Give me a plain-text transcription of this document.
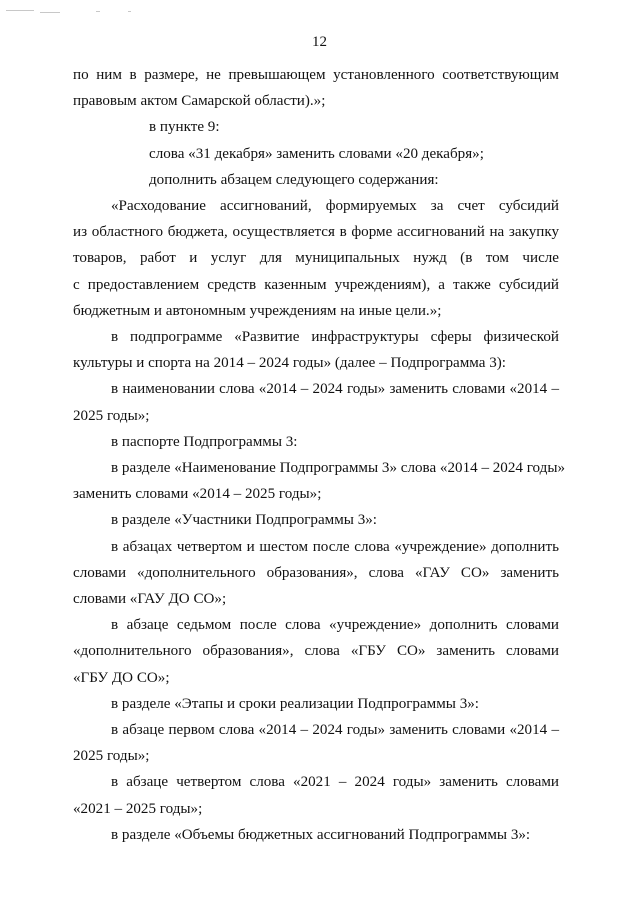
12

по ним в размере, не превышающем установленного соответствующим
правовым актом Самарской области).»;

в пункте 9:

слова «31 декабря» заменить словами «20 декабря»;

дополнить абзацем следующего содержания:

«Расходование ассигнований, формируемых за счет субсидий
из областного бюджета, осуществляется в форме ассигнований на закупку
товаров, работ и услуг для муниципальных нужд (в том числе
с предоставлением средств казенным учреждениям), а также субсидий
бюджетным и автономным учреждениям на иные цели.»;

в подпрограмме «Развитие инфраструктуры сферы физической
культуры и спорта на 2014 – 2024 годы» (далее – Подпрограмма 3):

в наименовании слова «2014 – 2024 годы» заменить словами «2014 –
2025 годы»;

в паспорте Подпрограммы 3:

в разделе «Наименование Подпрограммы 3» слова «2014 – 2024 годы»
заменить словами «2014 – 2025 годы»;

в разделе «Участники Подпрограммы 3»:

в абзацах четвертом и шестом после слова «учреждение» дополнить
словами «дополнительного образования», слова «ГАУ СО» заменить
словами «ГАУ ДО СО»;

в абзаце седьмом после слова «учреждение» дополнить словами
«дополнительного образования», слова «ГБУ СО» заменить словами
«ГБУ ДО СО»;

в разделе «Этапы и сроки реализации Подпрограммы 3»:

в абзаце первом слова «2014 – 2024 годы» заменить словами «2014 –
2025 годы»;

в абзаце четвертом слова «2021 – 2024 годы» заменить словами
«2021 – 2025 годы»;

в разделе «Объемы бюджетных ассигнований Подпрограммы 3»:
